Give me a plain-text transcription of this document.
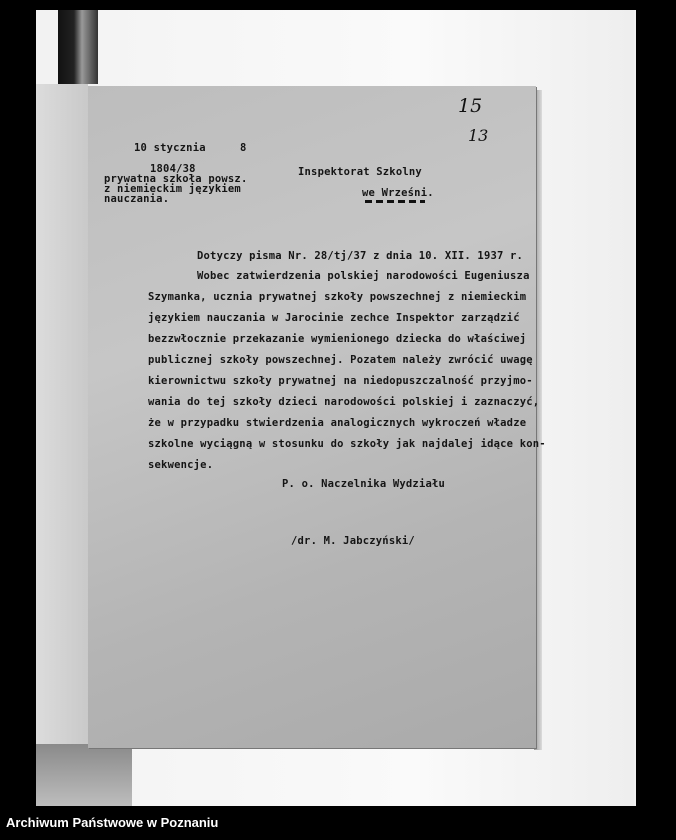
10 stycznia	8
1804/38
prywatna szkoła powsz.
z niemieckim językiem
nauczania.
Inspektorat Szkolny
we Wrześni.
15
13
Dotyczy pisma Nr. 28/tj/37 z dnia 10. XII. 1937 r.
Wobec zatwierdzenia polskiej narodowości Eugeniusza
Szymanka, ucznia prywatnej szkoły powszechnej z niemieckim
językiem nauczania w Jarocinie zechce Inspektor zarządzić
bezzwłocznie przekazanie wymienionego dziecka do właściwej
publicznej szkoły powszechnej. Pozatem należy zwrócić uwagę
kierownictwu szkoły prywatnej na niedopuszczalność przyjmo-
wania do tej szkoły dzieci narodowości polskiej i zaznaczyć,
że w przypadku stwierdzenia analogicznych wykroczeń władze
szkolne wyciągną w stosunku do szkoły jak najdalej idące kon-
sekwencje.
P. o. Naczelnika Wydziału
/dr. M. Jabczyński/
Archiwum Państwowe w Poznaniu
